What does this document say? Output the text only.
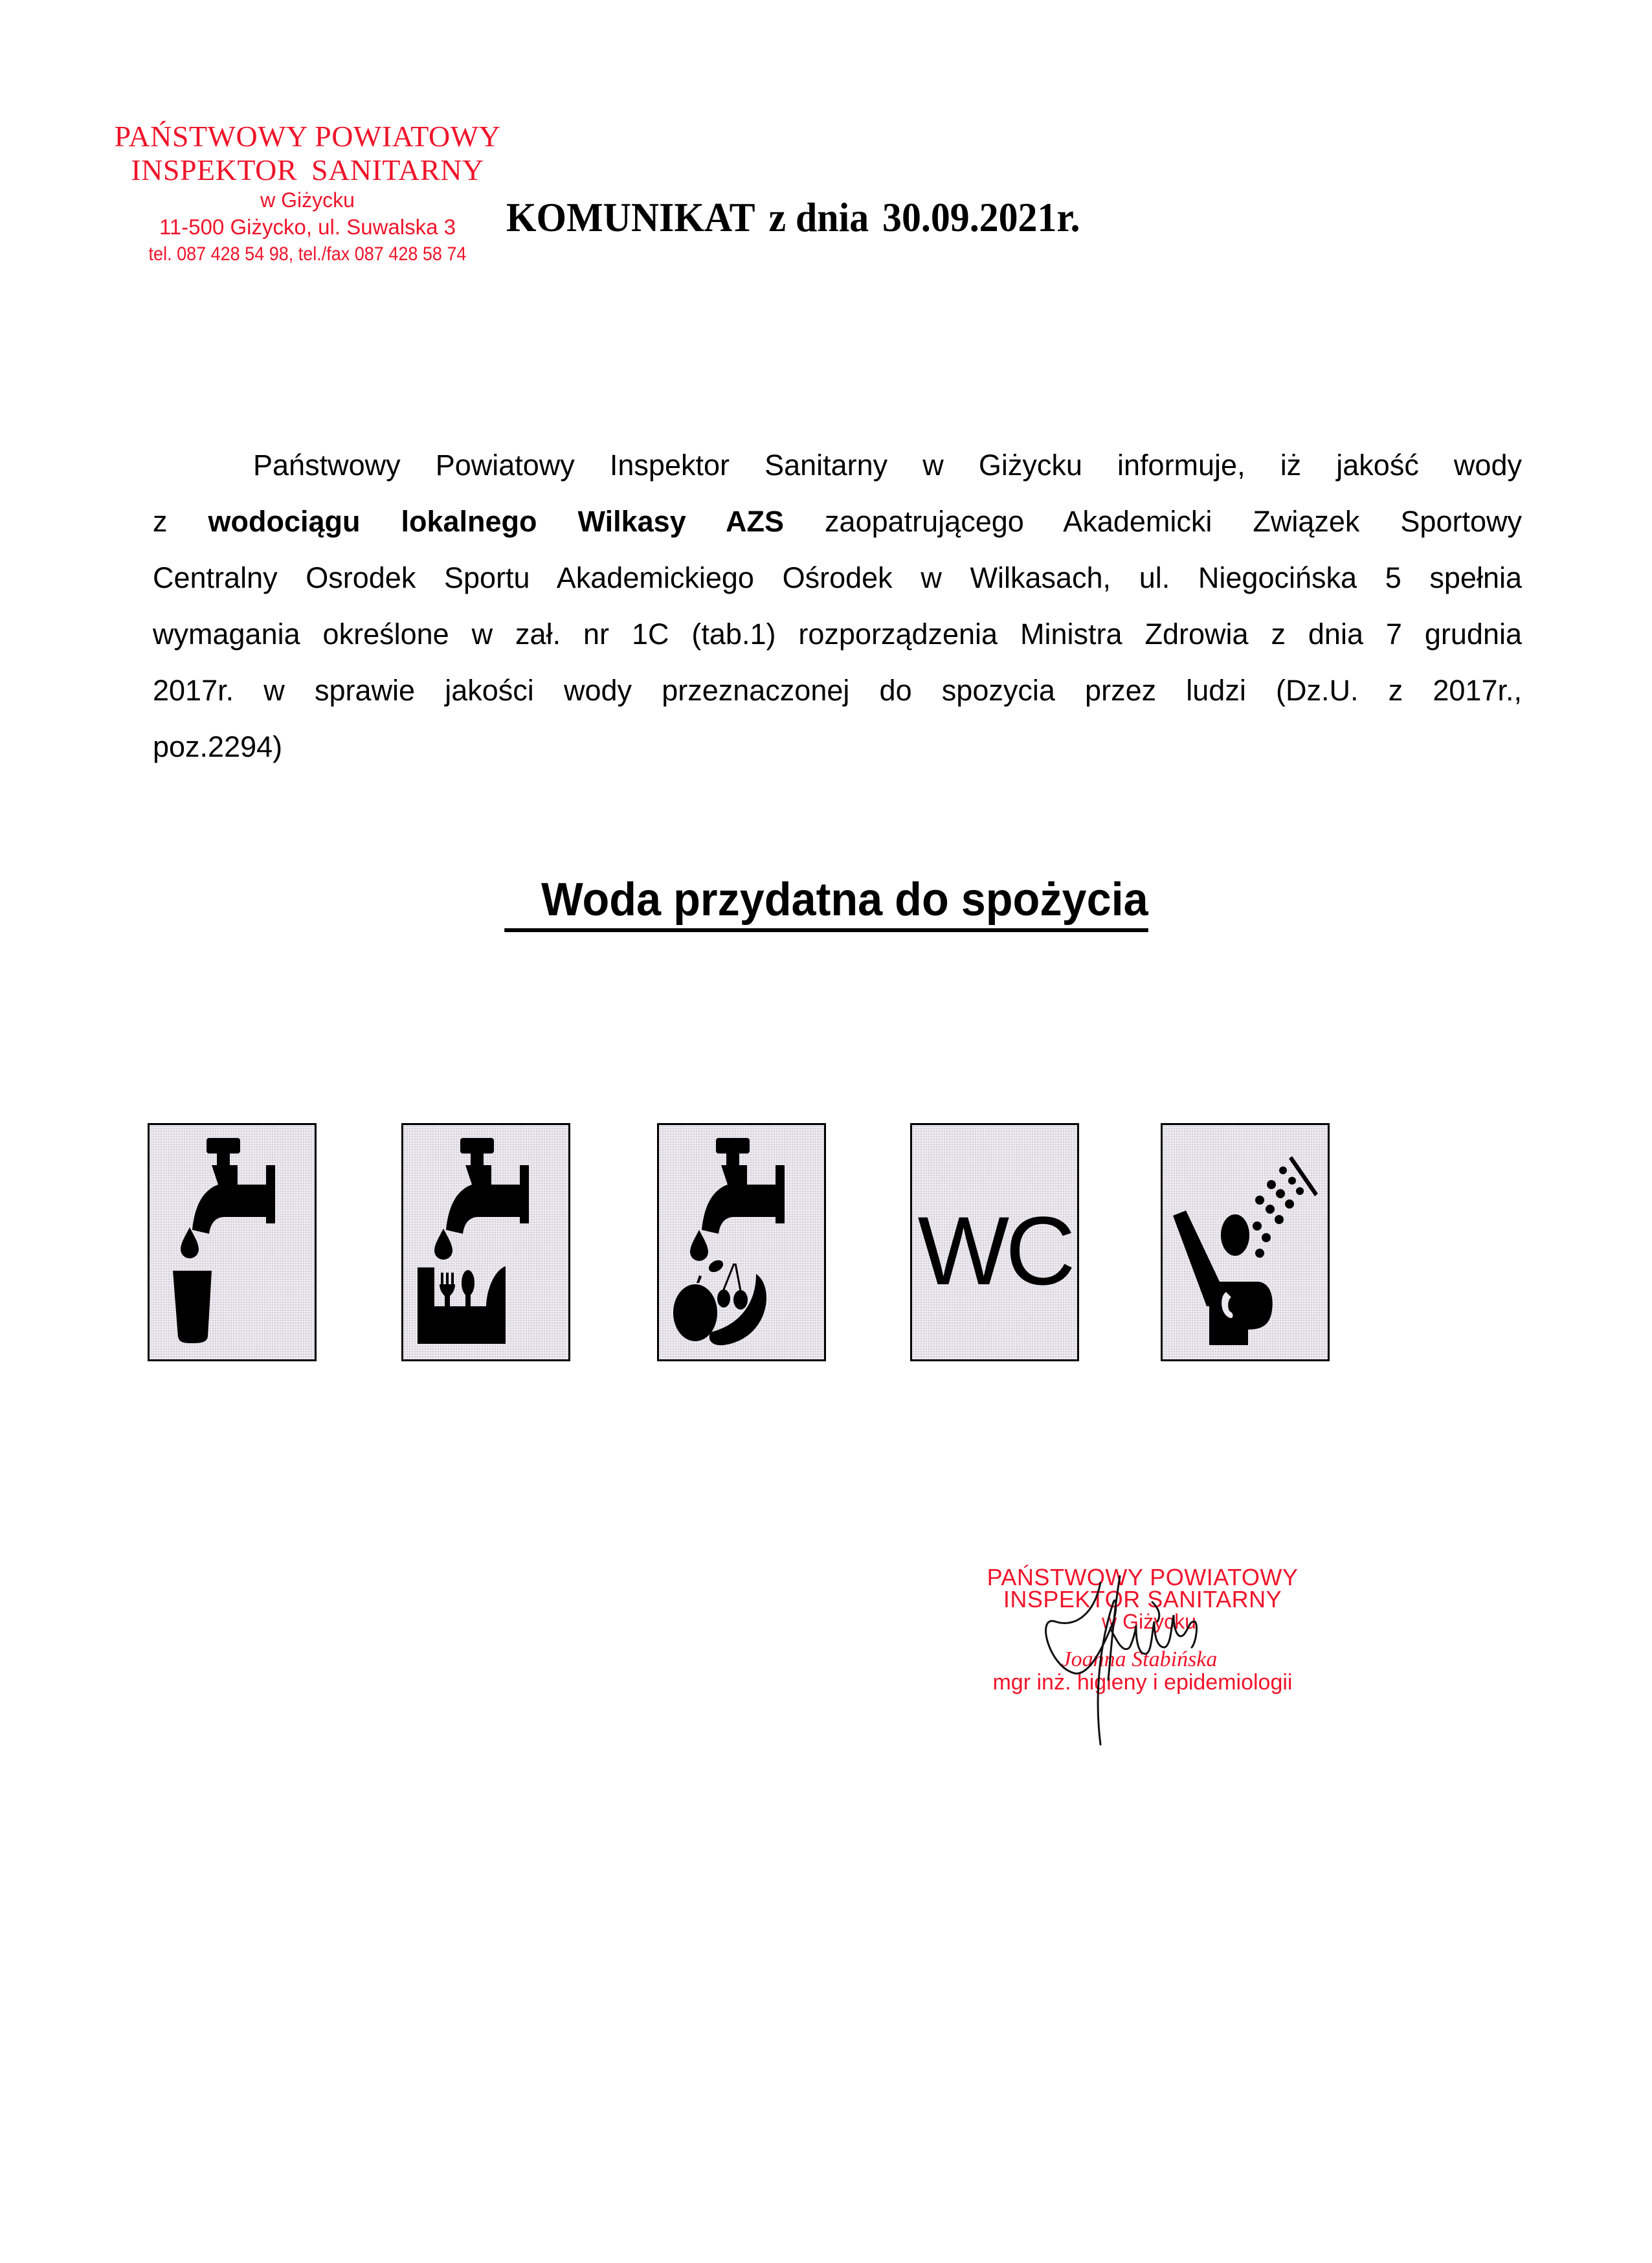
PAŃSTWOWY POWIATOWY
INSPEKTOR SANITARNY
w Giżycku
11-500 Giżycko, ul. Suwalska 3
tel. 087 428 54 98, tel./fax 087 428 58 74
KOMUNIKAT z dnia 30.09.2021r.
Państwowy Powiatowy Inspektor Sanitarny w Giżycku informuje, iż jakość wody
z wodociągu lokalnego Wilkasy AZS zaopatrującego Akademicki Związek Sportowy
Centralny Osrodek Sportu Akademickiego Ośrodek w Wilkasach, ul. Niegocińska 5 spełnia
wymagania określone w zał. nr 1C (tab.1) rozporządzenia Ministra Zdrowia z dnia 7 grudnia
2017r. w sprawie jakości wody przeznaczonej do spozycia przez ludzi (Dz.U. z 2017r.,
poz.2294)
Woda przydatna do spożycia
WC
PAŃSTWOWY POWIATOWY
INSPEKTOR SANITARNY
w Giżycku
Joanna Stabińska
mgr inż. higieny i epidemiologii
